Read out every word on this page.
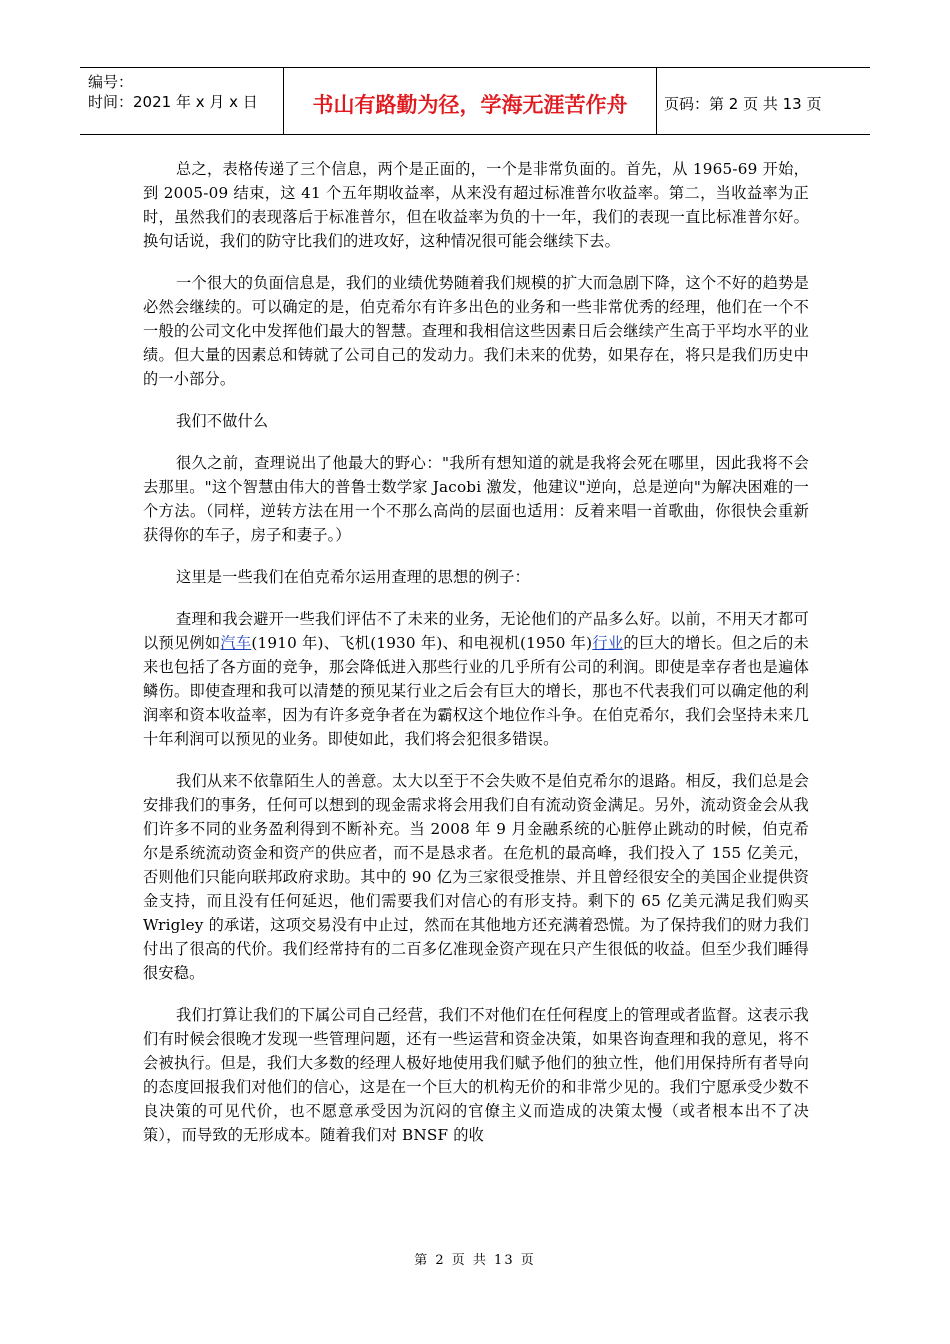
编号：
时间：2021 年 x 月 x 日	书山有路勤为径，学海无涯苦作舟	页码：第 2 页 共 13 页

总之，表格传递了三个信息，两个是正面的，一个是非常负面的。首先，从 1965-69 开始，到 2005-09 结束，这 41 个五年期收益率，从来没有超过标准普尔收益率。第二，当收益率为正时，虽然我们的表现落后于标准普尔，但在收益率为负的十一年，我们的表现一直比标准普尔好。换句话说，我们的防守比我们的进攻好，这种情况很可能会继续下去。

一个很大的负面信息是，我们的业绩优势随着我们规模的扩大而急剧下降，这个不好的趋势是必然会继续的。可以确定的是，伯克希尔有许多出色的业务和一些非常优秀的经理，他们在一个不一般的公司文化中发挥他们最大的智慧。查理和我相信这些因素日后会继续产生高于平均水平的业绩。但大量的因素总和铸就了公司自己的发动力。我们未来的优势，如果存在，将只是我们历史中的一小部分。

我们不做什么

很久之前，查理说出了他最大的野心："我所有想知道的就是我将会死在哪里，因此我将不会去那里。"这个智慧由伟大的普鲁士数学家 Jacobi 激发，他建议"逆向，总是逆向"为解决困难的一个方法。（同样，逆转方法在用一个不那么高尚的层面也适用：反着来唱一首歌曲，你很快会重新获得你的车子，房子和妻子。）

这里是一些我们在伯克希尔运用查理的思想的例子：

查理和我会避开一些我们评估不了未来的业务，无论他们的产品多么好。以前，不用天才都可以预见例如汽车(1910 年)、飞机(1930 年)、和电视机(1950 年)行业的巨大的增长。但之后的未来也包括了各方面的竞争，那会降低进入那些行业的几乎所有公司的利润。即使是幸存者也是遍体鳞伤。即使查理和我可以清楚的预见某行业之后会有巨大的增长，那也不代表我们可以确定他的利润率和资本收益率，因为有许多竞争者在为霸权这个地位作斗争。在伯克希尔，我们会坚持未来几十年利润可以预见的业务。即使如此，我们将会犯很多错误。

我们从来不依靠陌生人的善意。太大以至于不会失败不是伯克希尔的退路。相反，我们总是会安排我们的事务，任何可以想到的现金需求将会用我们自有流动资金满足。另外，流动资金会从我们许多不同的业务盈利得到不断补充。当 2008 年 9 月金融系统的心脏停止跳动的时候，伯克希尔是系统流动资金和资产的供应者，而不是恳求者。在危机的最高峰，我们投入了 155 亿美元，否则他们只能向联邦政府求助。其中的 90 亿为三家很受推崇、并且曾经很安全的美国企业提供资金支持，而且没有任何延迟，他们需要我们对信心的有形支持。剩下的 65 亿美元满足我们购买 Wrigley 的承诺，这项交易没有中止过，然而在其他地方还充满着恐慌。为了保持我们的财力我们付出了很高的代价。我们经常持有的二百多亿准现金资产现在只产生很低的收益。但至少我们睡得很安稳。

我们打算让我们的下属公司自己经营，我们不对他们在任何程度上的管理或者监督。这表示我们有时候会很晚才发现一些管理问题，还有一些运营和资金决策，如果咨询查理和我的意见，将不会被执行。但是，我们大多数的经理人极好地使用我们赋予他们的独立性，他们用保持所有者导向的态度回报我们对他们的信心，这是在一个巨大的机构无价的和非常少见的。我们宁愿承受少数不良决策的可见代价，也不愿意承受因为沉闷的官僚主义而造成的决策太慢（或者根本出不了决策），而导致的无形成本。随着我们对 BNSF 的收

第 2 页 共 13 页
